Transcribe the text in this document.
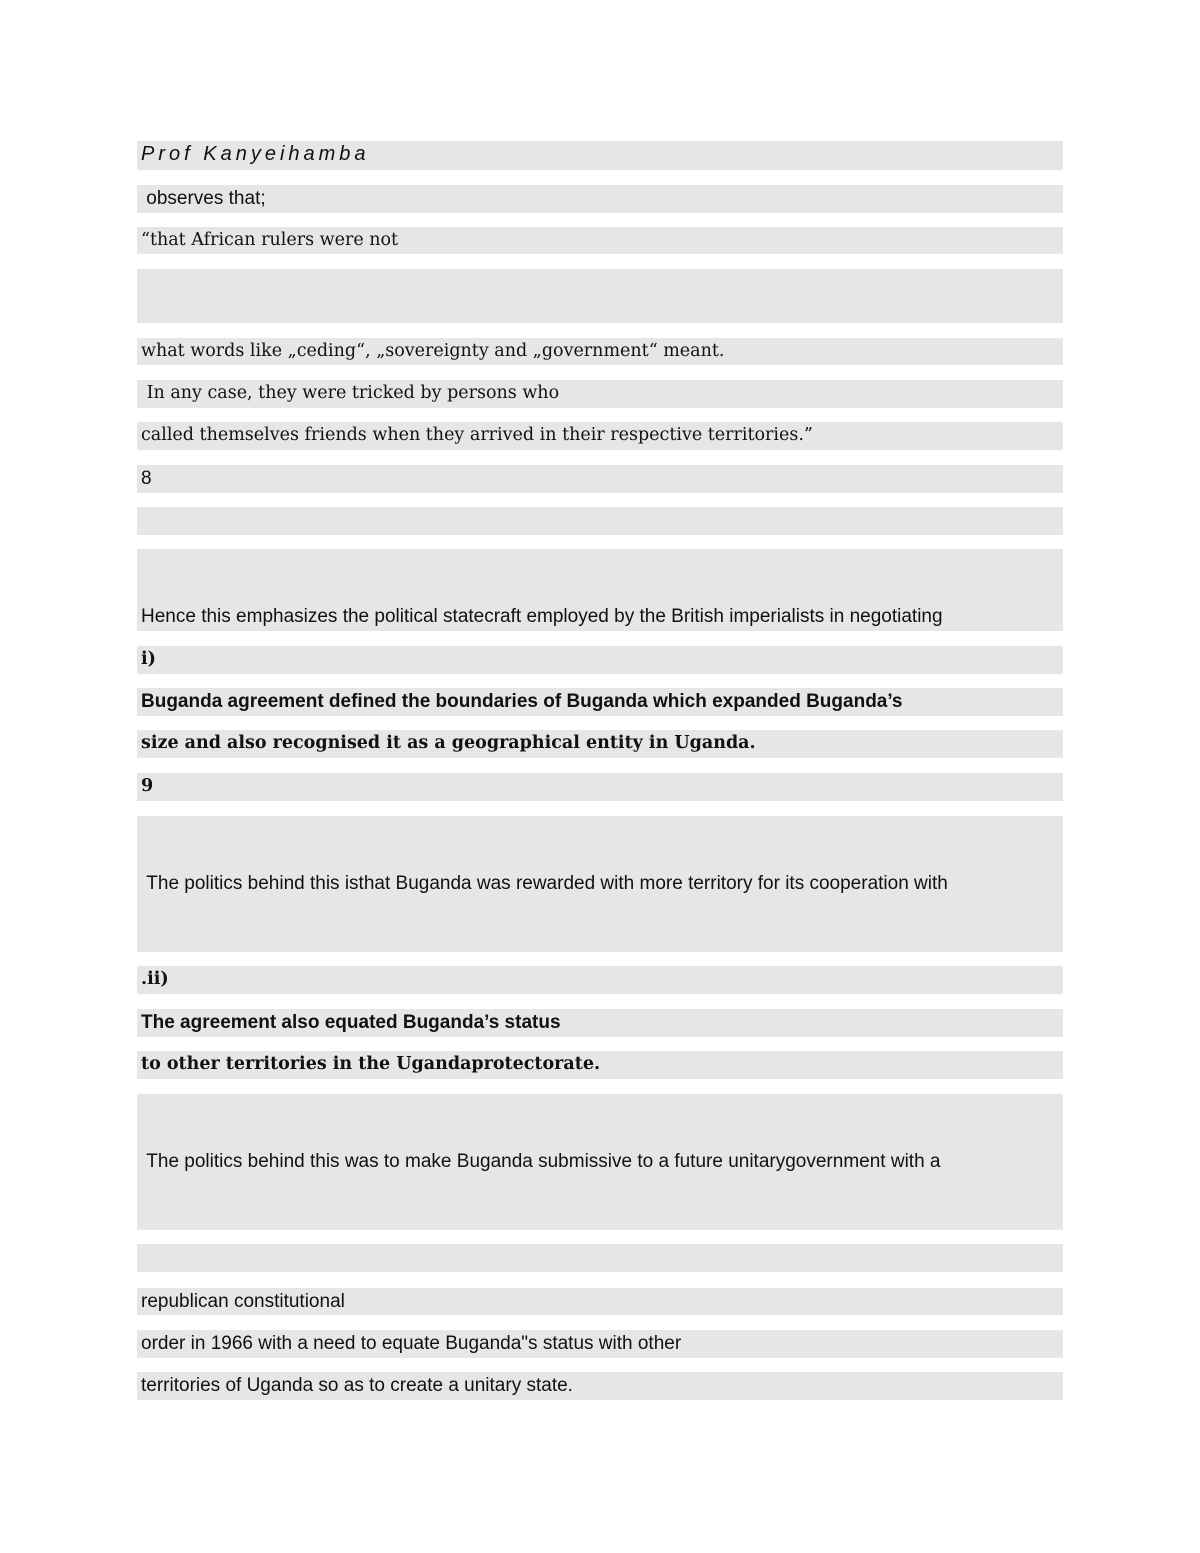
Prof Kanyeihamba
observes that;
“that African rulers were not

what words like „ceding“, „sovereignty and „government“ meant.
In any case, they were tricked by persons who
called themselves friends when they arrived in their respective territories.”
8

Hence this emphasizes the political statecraft employed by the British imperialists in negotiating

i)
Buganda agreement defined the boundaries of Buganda which expanded Buganda’s
size and also recognised it as a geographical entity in Uganda.
9

The politics behind this isthat Buganda was rewarded with more territory for its cooperation with

.ii)
The agreement also equated Buganda’s status
to other territories in the Ugandaprotectorate.

The politics behind this was to make Buganda submissive to a future unitarygovernment with a

republican constitutional
order in 1966 with a need to equate Buganda"s status with other
territories of Uganda so as to create a unitary state.
